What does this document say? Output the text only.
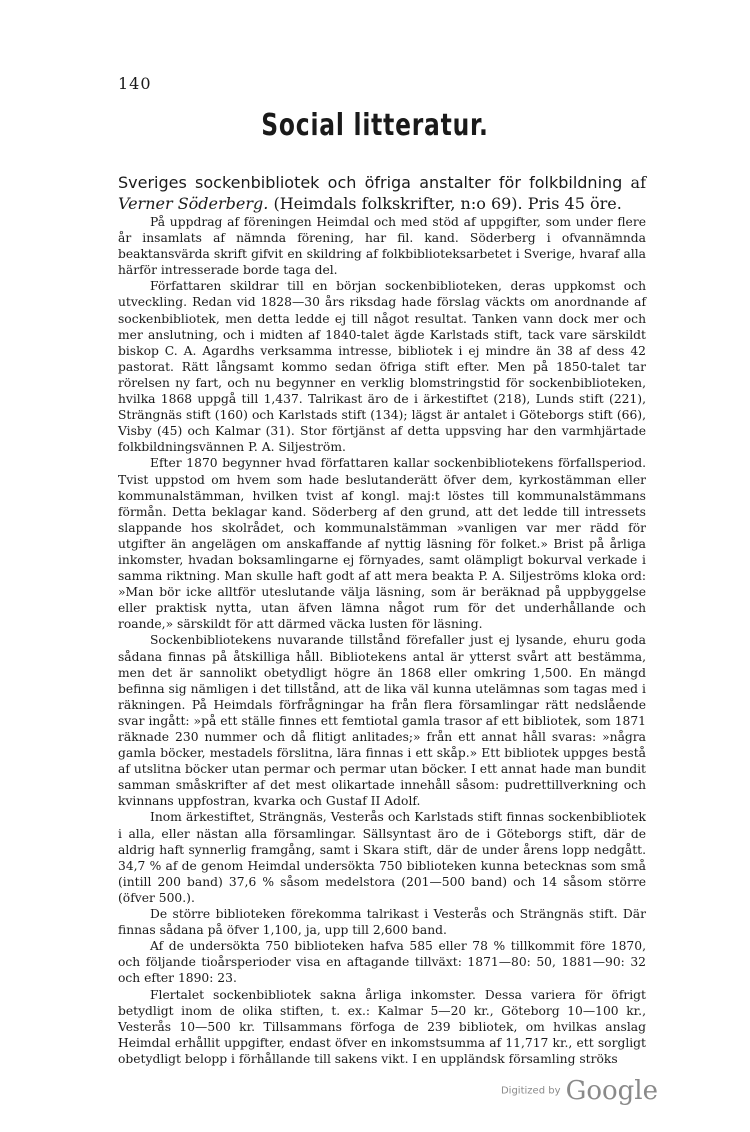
140
Social litteratur.
Sveriges sockenbibliotek och öfriga anstalter för folkbildning af Verner Söderberg. (Heimdals folkskrifter, n:o 69). Pris 45 öre.

På uppdrag af föreningen Heimdal och med stöd af uppgifter, som under flere år insamlats af nämnda förening, har fil. kand. Söderberg i ofvannämnda beaktansvärda skrift gifvit en skildring af folkbiblioteksarbetet i Sverige, hvaraf alla härför intresserade borde taga del.

Författaren skildrar till en början sockenbiblioteken, deras uppkomst och utveckling. Redan vid 1828—30 års riksdag hade förslag väckts om anordnande af sockenbibliotek, men detta ledde ej till något resultat. Tanken vann dock mer och mer anslutning, och i midten af 1840-talet ägde Karlstads stift, tack vare särskildt biskop C. A. Agardhs verksamma intresse, bibliotek i ej mindre än 38 af dess 42 pastorat. Rätt långsamt kommo sedan öfriga stift efter. Men på 1850-talet tar rörelsen ny fart, och nu begynner en verklig blomstringstid för sockenbiblioteken, hvilka 1868 uppgå till 1,437. Talrikast äro de i ärkestiftet (218), Lunds stift (221), Strängnäs stift (160) och Karlstads stift (134); lägst är antalet i Göteborgs stift (66), Visby (45) och Kalmar (31). Stor förtjänst af detta uppsving har den varmhjärtade folkbildningsvännen P. A. Siljeström.

Efter 1870 begynner hvad författaren kallar sockenbibliotekens förfallsperiod. Tvist uppstod om hvem som hade beslutanderätt öfver dem, kyrkostämman eller kommunalstämman, hvilken tvist af kongl. maj:t löstes till kommunalstämmans förmån. Detta beklagar kand. Söderberg af den grund, att det ledde till intressets slappande hos skolrådet, och kommunalstämman »vanligen var mer rädd för utgifter än angelägen om anskaffande af nyttig läsning för folket.» Brist på årliga inkomster, hvadan boksamlingarne ej förnyades, samt olämpligt bokurval verkade i samma riktning. Man skulle haft godt af att mera beakta P. A. Siljeströms kloka ord: »Man bör icke alltför uteslutande välja läsning, som är beräknad på uppbyggelse eller praktisk nytta, utan äfven lämna något rum för det underhållande och roande,» särskildt för att därmed väcka lusten för läsning.

Sockenbibliotekens nuvarande tillstånd förefaller just ej lysande, ehuru goda sådana finnas på åtskilliga håll. Bibliotekens antal är ytterst svårt att bestämma, men det är sannolikt obetydligt högre än 1868 eller omkring 1,500. En mängd befinna sig nämligen i det tillstånd, att de lika väl kunna utelämnas som tagas med i räkningen. På Heimdals förfrågningar ha från flera församlingar rätt nedslående svar ingått: »på ett ställe finnes ett femtiotal gamla trasor af ett bibliotek, som 1871 räknade 230 nummer och då flitigt anlitades;» från ett annat håll svaras: »några gamla böcker, mestadels förslitna, lära finnas i ett skåp.» Ett bibliotek uppges bestå af utslitna böcker utan permar och permar utan böcker. I ett annat hade man bundit samman småskrifter af det mest olikartade innehåll såsom: pudrettillverkning och kvinnans uppfostran, kvarka och Gustaf II Adolf.

Inom ärkestiftet, Strängnäs, Vesterås och Karlstads stift finnas sockenbibliotek i alla, eller nästan alla församlingar. Sällsyntast äro de i Göteborgs stift, där de aldrig haft synnerlig framgång, samt i Skara stift, där de under årens lopp nedgått. 34,7 % af de genom Heimdal undersökta 750 biblioteken kunna betecknas som små (intill 200 band) 37,6 % såsom medelstora (201—500 band) och 14 såsom större (öfver 500.).

De större biblioteken förekomma talrikast i Vesterås och Strängnäs stift. Där finnas sådana på öfver 1,100, ja, upp till 2,600 band.

Af de undersökta 750 biblioteken hafva 585 eller 78 % tillkommit före 1870, och följande tioårsperioder visa en aftagande tillväxt: 1871—80: 50, 1881—90: 32 och efter 1890: 23.

Flertalet sockenbibliotek sakna årliga inkomster. Dessa variera för öfrigt betydligt inom de olika stiften, t. ex.: Kalmar 5—20 kr., Göteborg 10—100 kr., Vesterås 10—500 kr. Tillsammans förfoga de 239 bibliotek, om hvilkas anslag Heimdal erhållit uppgifter, endast öfver en inkomstsumma af 11,717 kr., ett sorgligt obetydligt belopp i förhållande till sakens vikt. I en uppländsk församling ströks

Digitized by Google
